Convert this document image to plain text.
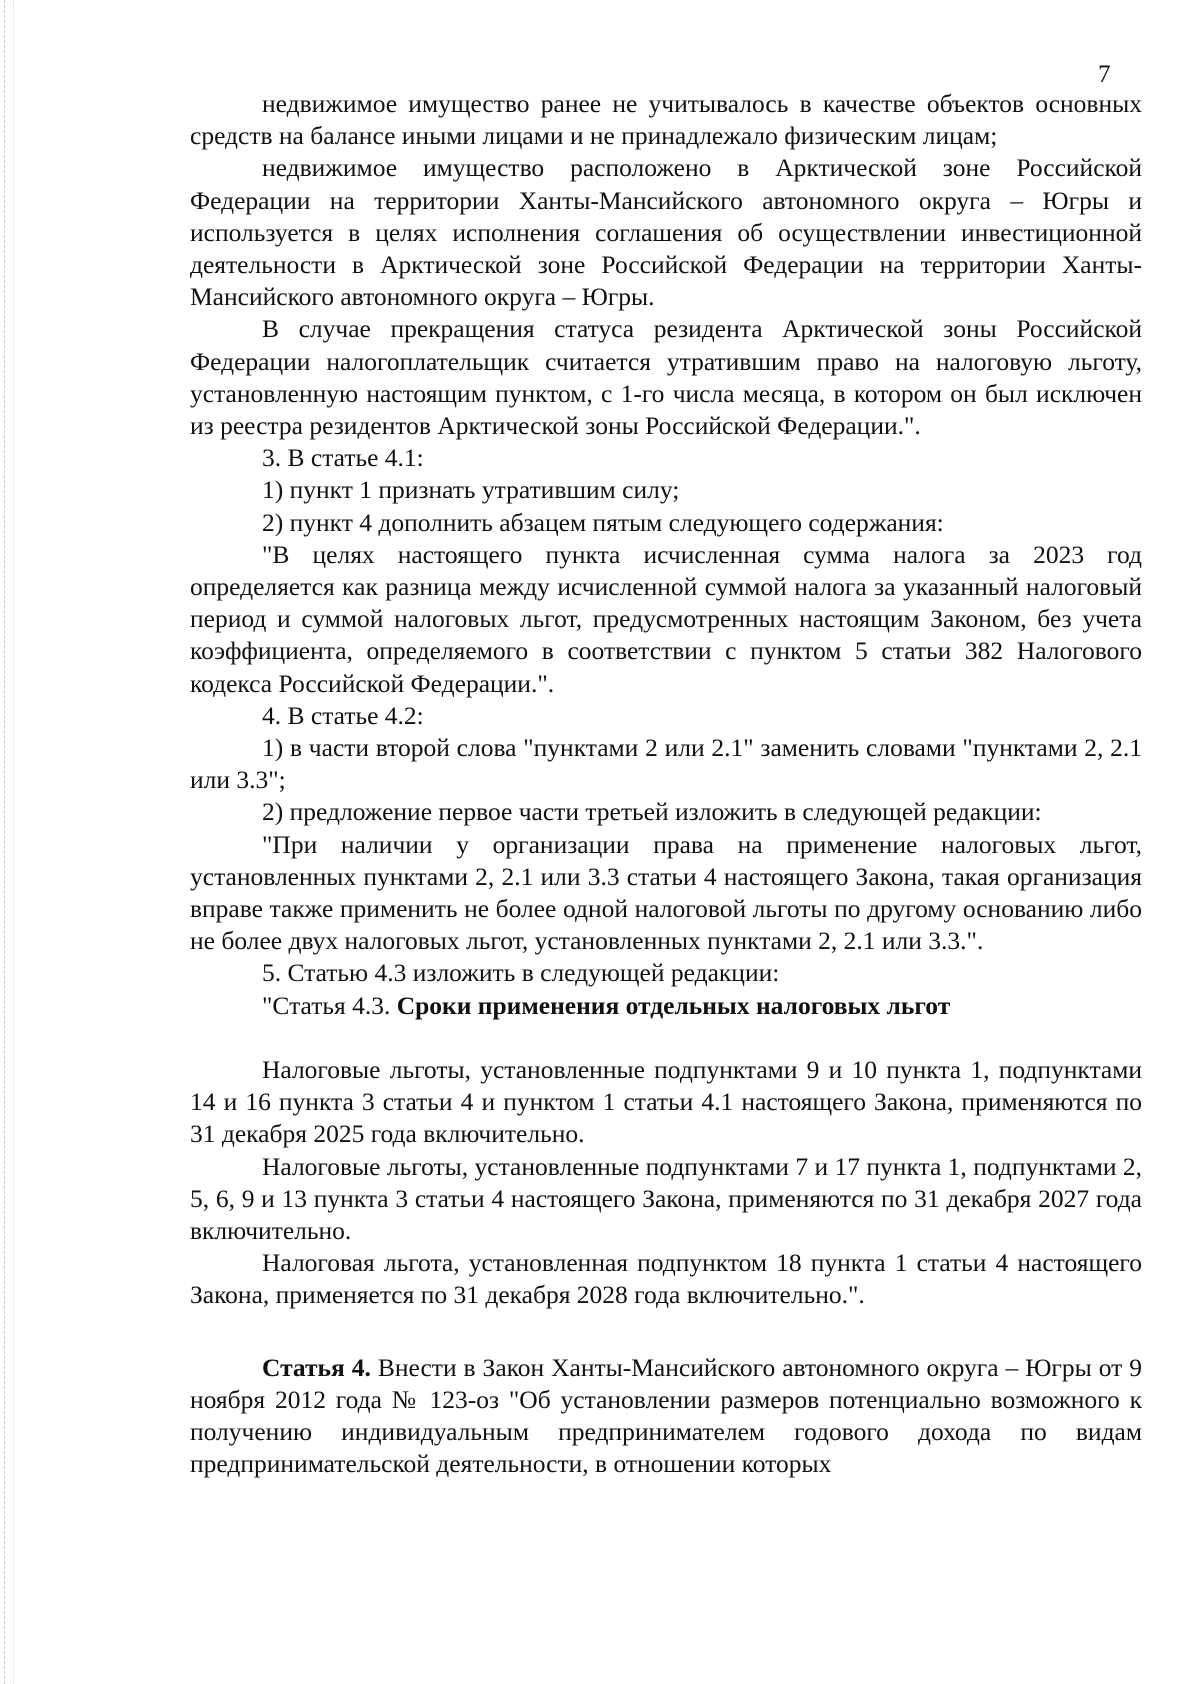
7

недвижимое имущество ранее не учитывалось в качестве объектов основных средств на балансе иными лицами и не принадлежало физическим лицам;

недвижимое имущество расположено в Арктической зоне Российской Федерации на территории Ханты-Мансийского автономного округа – Югры и используется в целях исполнения соглашения об осуществлении инвестиционной деятельности в Арктической зоне Российской Федерации на территории Ханты-Мансийского автономного округа – Югры.

В случае прекращения статуса резидента Арктической зоны Российской Федерации налогоплательщик считается утратившим право на налоговую льготу, установленную настоящим пунктом, с 1-го числа месяца, в котором он был исключен из реестра резидентов Арктической зоны Российской Федерации.".

3. В статье 4.1:

1) пункт 1 признать утратившим силу;

2) пункт 4 дополнить абзацем пятым следующего содержания:

"В целях настоящего пункта исчисленная сумма налога за 2023 год определяется как разница между исчисленной суммой налога за указанный налоговый период и суммой налоговых льгот, предусмотренных настоящим Законом, без учета коэффициента, определяемого в соответствии с пунктом 5 статьи 382 Налогового кодекса Российской Федерации.".

4. В статье 4.2:

1) в части второй слова "пунктами 2 или 2.1" заменить словами "пунктами 2, 2.1 или 3.3";

2) предложение первое части третьей изложить в следующей редакции:

"При наличии у организации права на применение налоговых льгот, установленных пунктами 2, 2.1 или 3.3 статьи 4 настоящего Закона, такая организация вправе также применить не более одной налоговой льготы по другому основанию либо не более двух налоговых льгот, установленных пунктами 2, 2.1 или 3.3.".

5. Статью 4.3 изложить в следующей редакции:

"Статья 4.3. Сроки применения отдельных налоговых льгот

Налоговые льготы, установленные подпунктами 9 и 10 пункта 1, подпунктами 14 и 16 пункта 3 статьи 4 и пунктом 1 статьи 4.1 настоящего Закона, применяются по 31 декабря 2025 года включительно.

Налоговые льготы, установленные подпунктами 7 и 17 пункта 1, подпунктами 2, 5, 6, 9 и 13 пункта 3 статьи 4 настоящего Закона, применяются по 31 декабря 2027 года включительно.

Налоговая льгота, установленная подпунктом 18 пункта 1 статьи 4 настоящего Закона, применяется по 31 декабря 2028 года включительно.".

Статья 4. Внести в Закон Ханты-Мансийского автономного округа – Югры от 9 ноября 2012 года № 123-оз "Об установлении размеров потенциально возможного к получению индивидуальным предпринимателем годового дохода по видам предпринимательской деятельности, в отношении которых
